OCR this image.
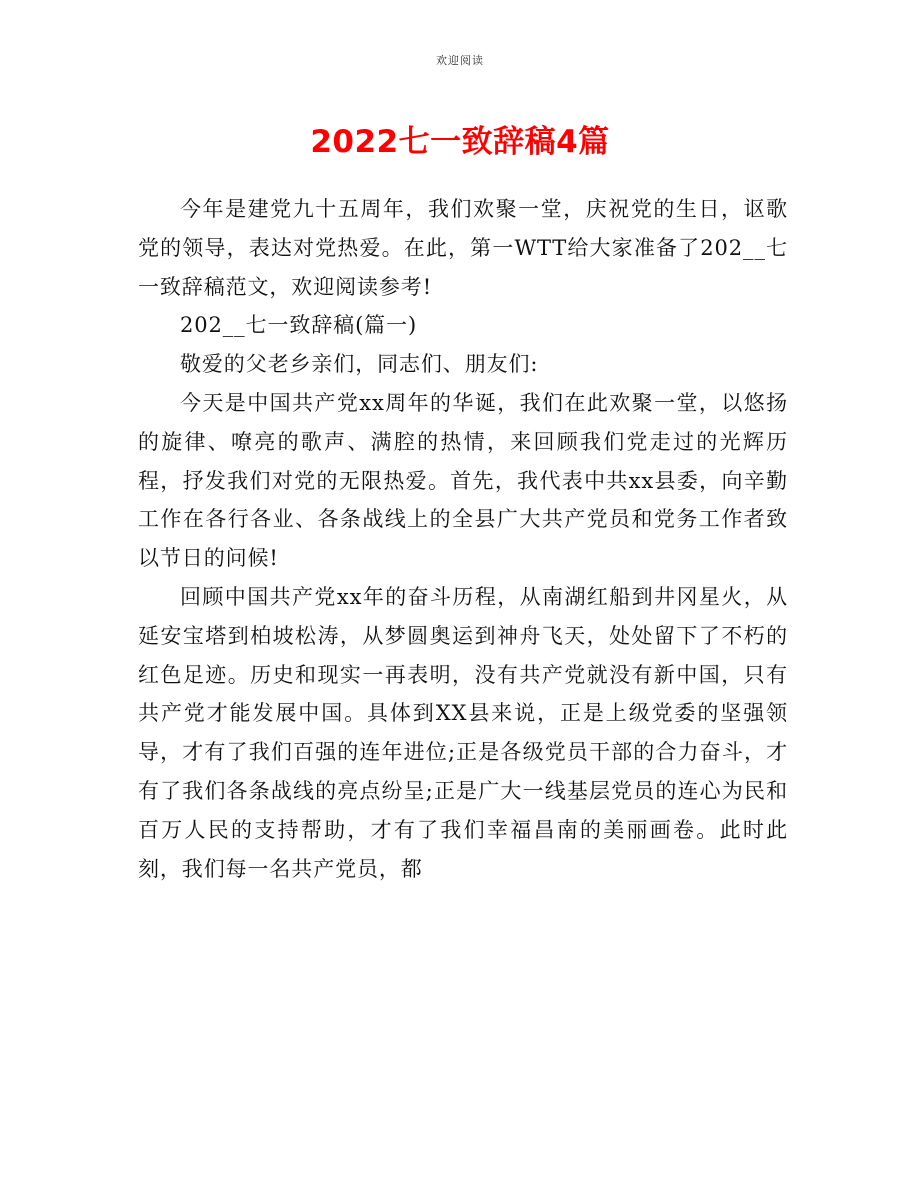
欢迎阅读
2022七一致辞稿4篇

今年是建党九十五周年，我们欢聚一堂，庆祝党的生日，讴歌党的领导，表达对党热爱。在此，第一WTT给大家准备了202__七一致辞稿范文，欢迎阅读参考!

202__七一致辞稿(篇一)

敬爱的父老乡亲们，同志们、朋友们:

今天是中国共产党xx周年的华诞，我们在此欢聚一堂，以悠扬的旋律、嘹亮的歌声、满腔的热情，来回顾我们党走过的光辉历程，抒发我们对党的无限热爱。首先，我代表中共xx县委，向辛勤工作在各行各业、各条战线上的全县广大共产党员和党务工作者致以节日的问候!

回顾中国共产党xx年的奋斗历程，从南湖红船到井冈星火，从延安宝塔到柏坡松涛，从梦圆奥运到神舟飞天，处处留下了不朽的红色足迹。历史和现实一再表明，没有共产党就没有新中国，只有共产党才能发展中国。具体到XX县来说，正是上级党委的坚强领导，才有了我们百强的连年进位;正是各级党员干部的合力奋斗，才有了我们各条战线的亮点纷呈;正是广大一线基层党员的连心为民和百万人民的支持帮助，才有了我们幸福昌南的美丽画卷。此时此刻，我们每一名共产党员，都
